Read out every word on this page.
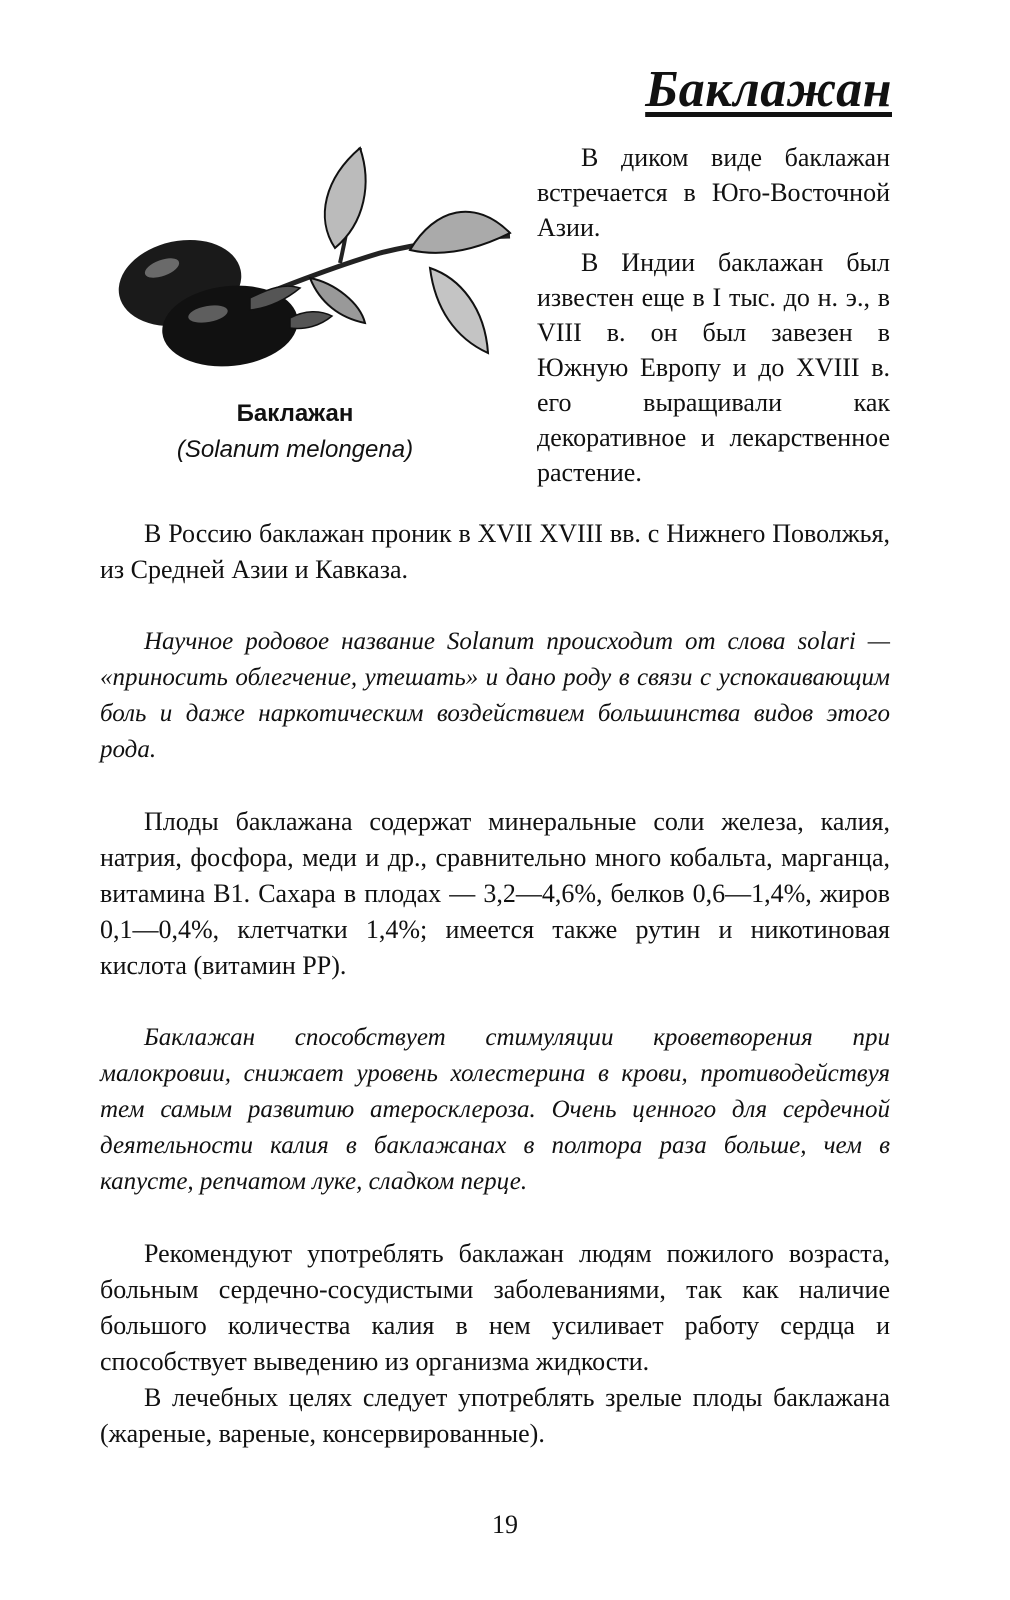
Баклажан
Баклажан
(Solanum melongena)

В диком виде баклажан встречается в Юго-Восточной Азии.

В Индии баклажан был известен еще в I тыс. до н. э., в VIII в. он был завезен в Южную Европу и до XVIII в. его выращивали как декоративное и лекарственное растение.

В Россию баклажан проник в XVII XVIII вв. с Нижнего Поволжья, из Средней Азии и Кавказа.

Научное родовое название Solanum происходит от слова solari — «приносить облегчение, утешать» и дано роду в связи с успокаивающим боль и даже наркотическим воздействием большинства видов этого рода.

Плоды баклажана содержат минеральные соли железа, калия, натрия, фосфора, меди и др., сравнительно много кобальта, марганца, витамина B1. Сахара в плодах — 3,2—4,6%, белков 0,6—1,4%, жиров 0,1—0,4%, клетчатки 1,4%; имеется также рутин и никотиновая кислота (витамин PP).

Баклажан способствует стимуляции кроветворения при малокровии, снижает уровень холестерина в крови, противодействуя тем самым развитию атеросклероза. Очень ценного для сердечной деятельности калия в баклажанах в полтора раза больше, чем в капусте, репчатом луке, сладком перце.

Рекомендуют употреблять баклажан людям пожилого возраста, больным сердечно-сосудистыми заболеваниями, так как наличие большого количества калия в нем усиливает работу сердца и способствует выведению из организма жидкости.

В лечебных целях следует употреблять зрелые плоды баклажана (жареные, вареные, консервированные).

19
